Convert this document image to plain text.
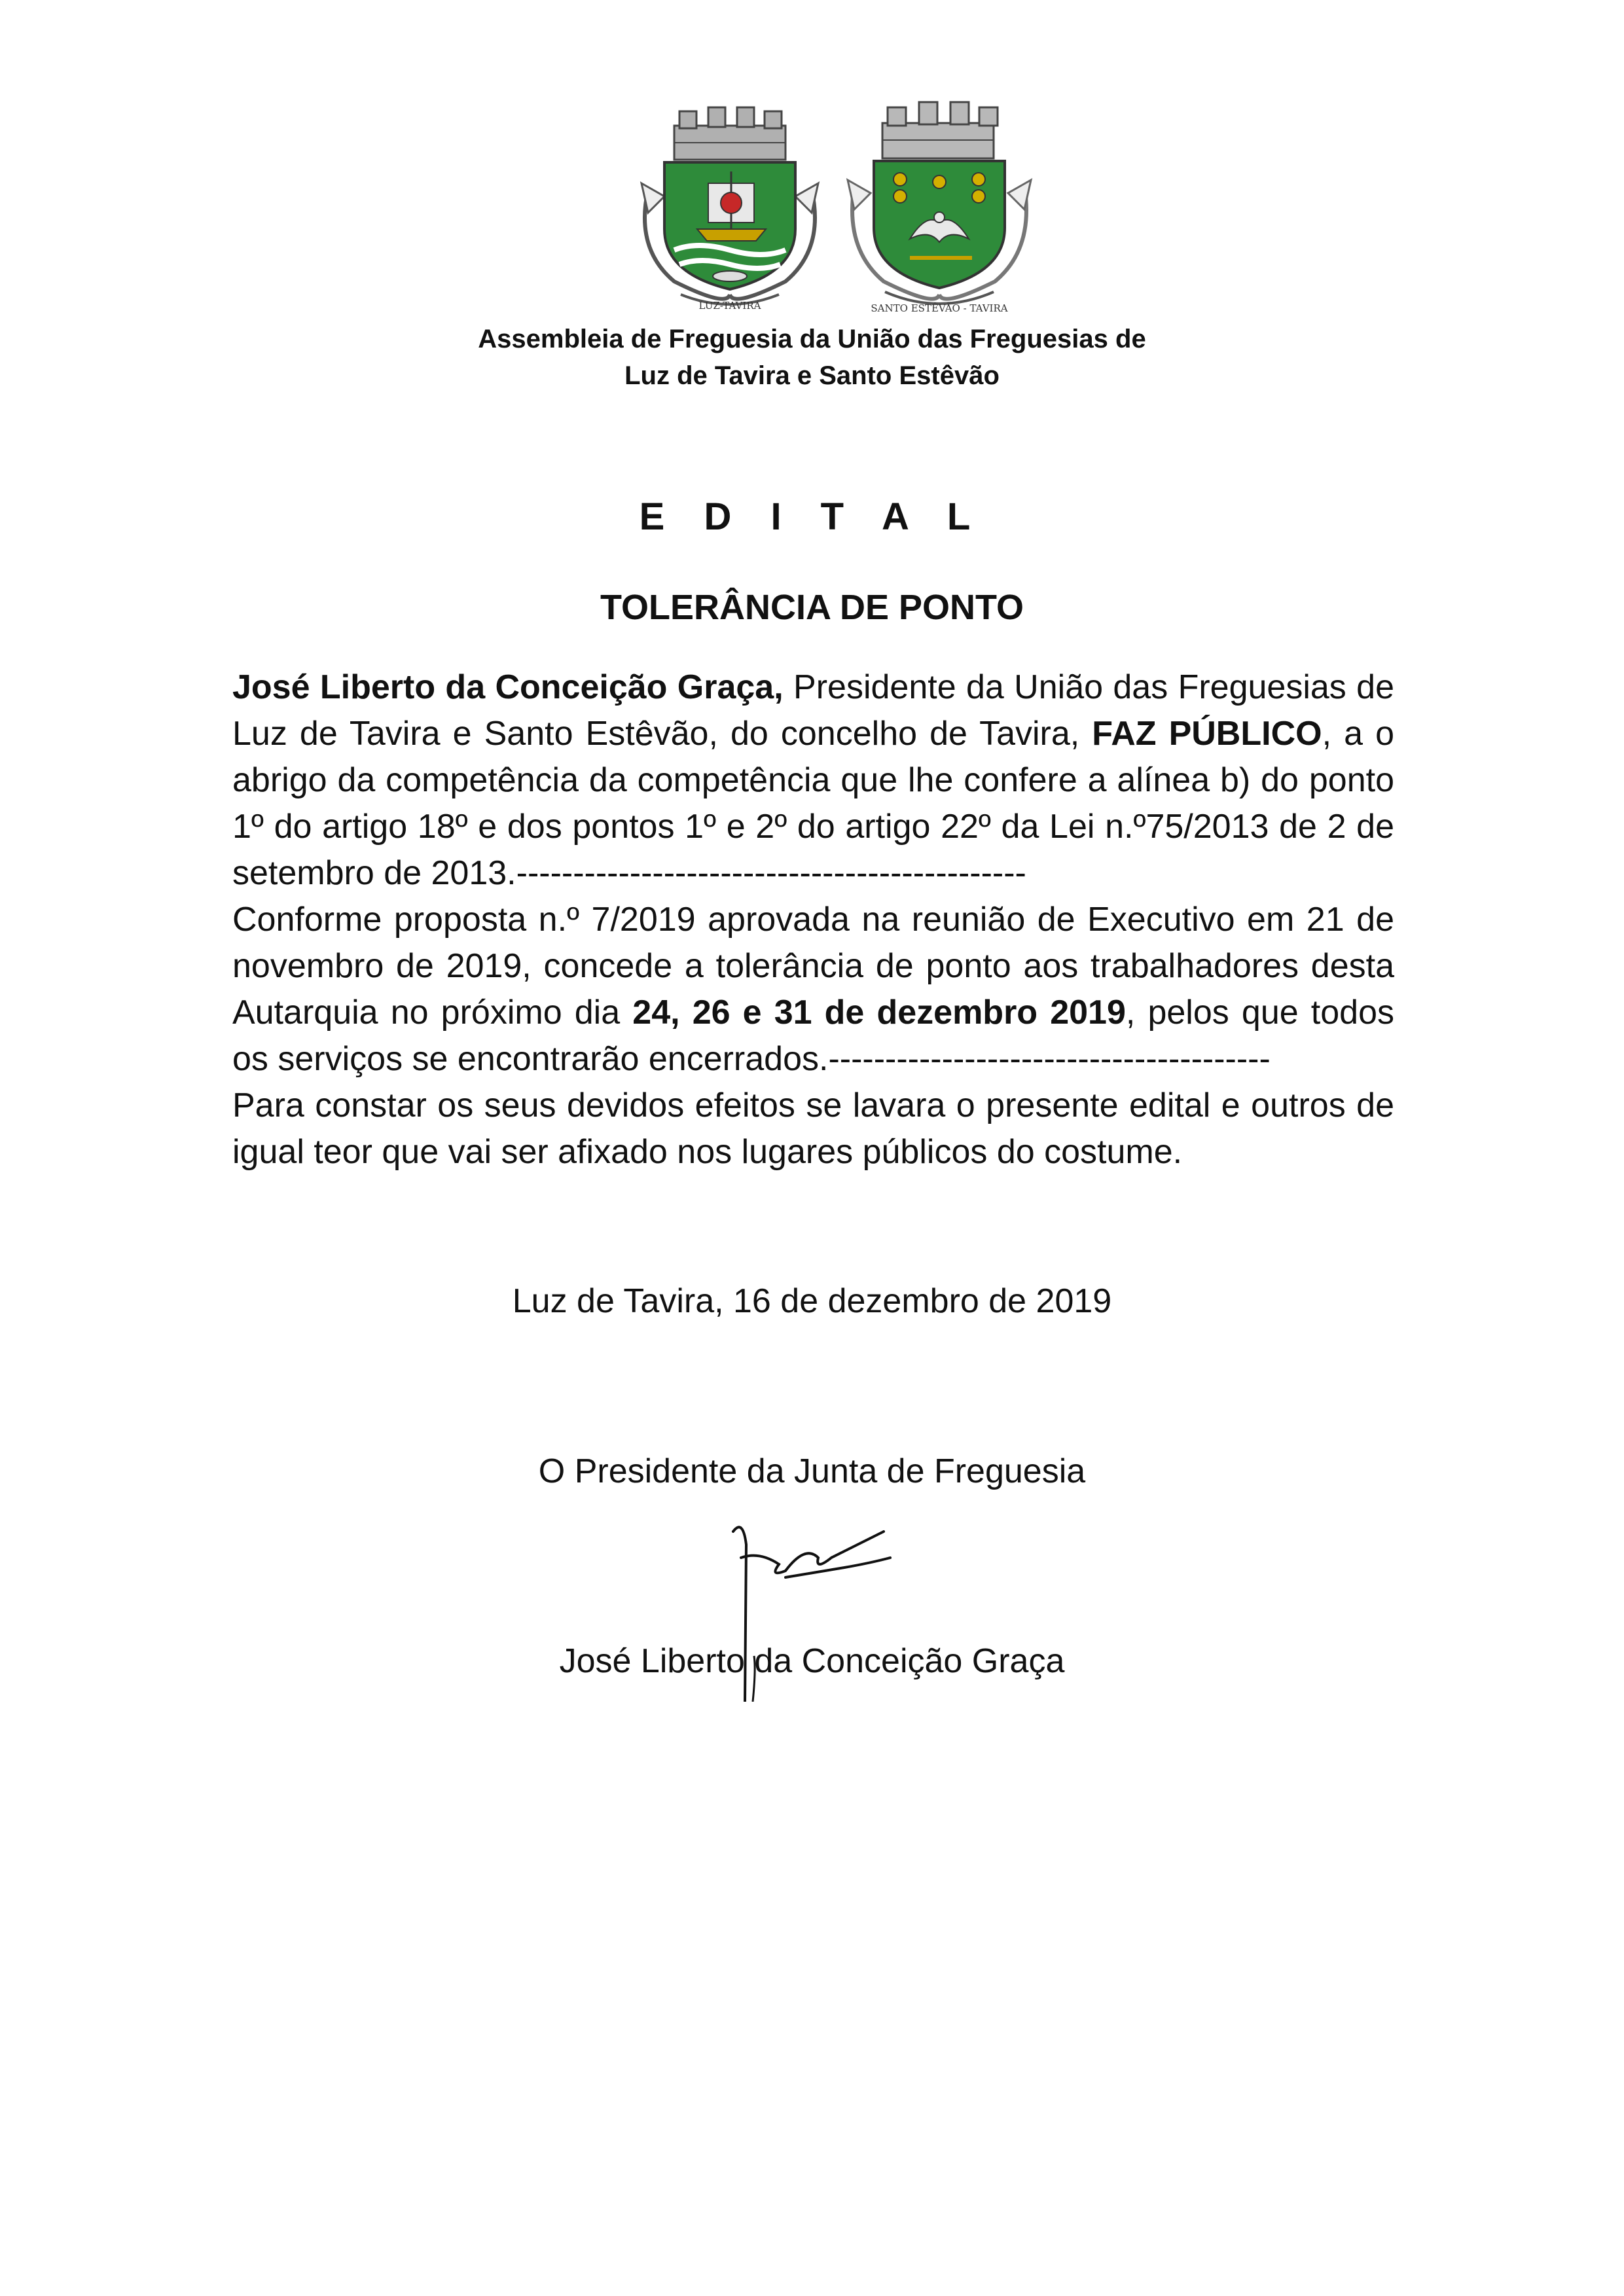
LUZ-TAVIRA	SANTO ESTÊVÃO - TAVIRA
Assembleia de Freguesia da União das Freguesias de
Luz de Tavira e Santo Estêvão
E D I T A L
TOLERÂNCIA DE PONTO

José Liberto da Conceição Graça, Presidente da União das Freguesias de Luz de Tavira e Santo Estêvão, do concelho de Tavira, FAZ PÚBLICO, a o abrigo da competência da competência que lhe confere a alínea b) do ponto 1º do artigo 18º e dos pontos 1º e 2º do artigo 22º da Lei n.º75/2013 de 2 de setembro de 2013.---------------------------------------------

Conforme proposta n.º 7/2019 aprovada na reunião de Executivo em 21 de novembro de 2019, concede a tolerância de ponto aos trabalhadores desta Autarquia no próximo dia 24, 26 e 31 de dezembro 2019, pelos que todos os serviços se encontrarão encerrados.---------------------------------------

Para constar os seus devidos efeitos se lavara o presente edital e outros de igual teor que vai ser afixado nos lugares públicos do costume.

Luz de Tavira, 16 de dezembro de 2019
O Presidente da Junta de Freguesia
José Liberto da Conceição Graça
